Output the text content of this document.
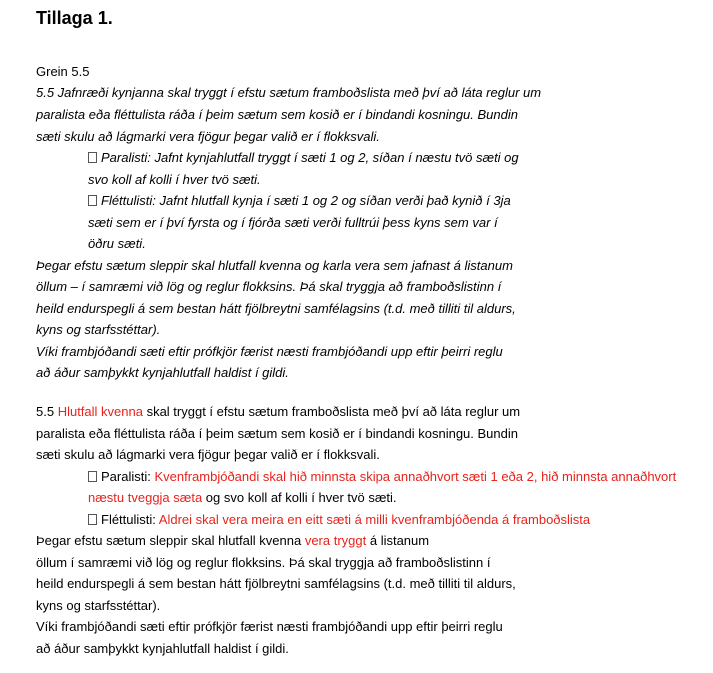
Tillaga 1.
Grein 5.5
5.5 Jafnræði kynjanna skal tryggt í efstu sætum framboðslista með því að láta reglur um
paralista eða fléttulista ráða í þeim sætum sem kosið er í bindandi kosningu. Bundin
sæti skulu að lágmarki vera fjögur þegar valið er í flokksvali.
Paralisti: Jafnt kynjahlutfall tryggt í sæti 1 og 2, síðan í næstu tvö sæti og
svo koll af kolli í hver tvö sæti.
Fléttulisti: Jafnt hlutfall kynja í sæti 1 og 2 og síðan verði það kynið í 3ja
sæti sem er í því fyrsta og í fjórða sæti verði fulltrúi þess kyns sem var í
öðru sæti.
Þegar efstu sætum sleppir skal hlutfall kvenna og karla vera sem jafnast á listanum
öllum – í samræmi við lög og reglur flokksins. Þá skal tryggja að framboðslistinn í
heild endurspegli á sem bestan hátt fjölbreytni samfélagsins (t.d. með tilliti til aldurs,
kyns og starfsstéttar).
Víki frambjóðandi sæti eftir prófkjör færist næsti frambjóðandi upp eftir þeirri reglu
að áður samþykkt kynjahlutfall haldist í gildi.
5.5 Hlutfall kvenna skal tryggt í efstu sætum framboðslista með því að láta reglur um
paralista eða fléttulista ráða í þeim sætum sem kosið er í bindandi kosningu. Bundin
sæti skulu að lágmarki vera fjögur þegar valið er í flokksvali.
Paralisti: Kvenframbjóðandi skal hið minnsta skipa annaðhvort sæti 1 eða 2, hið minnsta annaðhvort
næstu tveggja sæta og svo koll af kolli í hver tvö sæti.
Fléttulisti: Aldrei skal vera meira en eitt sæti á milli kvenframbjóðenda á framboðslista
Þegar efstu sætum sleppir skal hlutfall kvenna vera tryggt á listanum
öllum í samræmi við lög og reglur flokksins. Þá skal tryggja að framboðslistinn í
heild endurspegli á sem bestan hátt fjölbreytni samfélagsins (t.d. með tilliti til aldurs,
kyns og starfsstéttar).
Víki frambjóðandi sæti eftir prófkjör færist næsti frambjóðandi upp eftir þeirri reglu
að áður samþykkt kynjahlutfall haldist í gildi.
